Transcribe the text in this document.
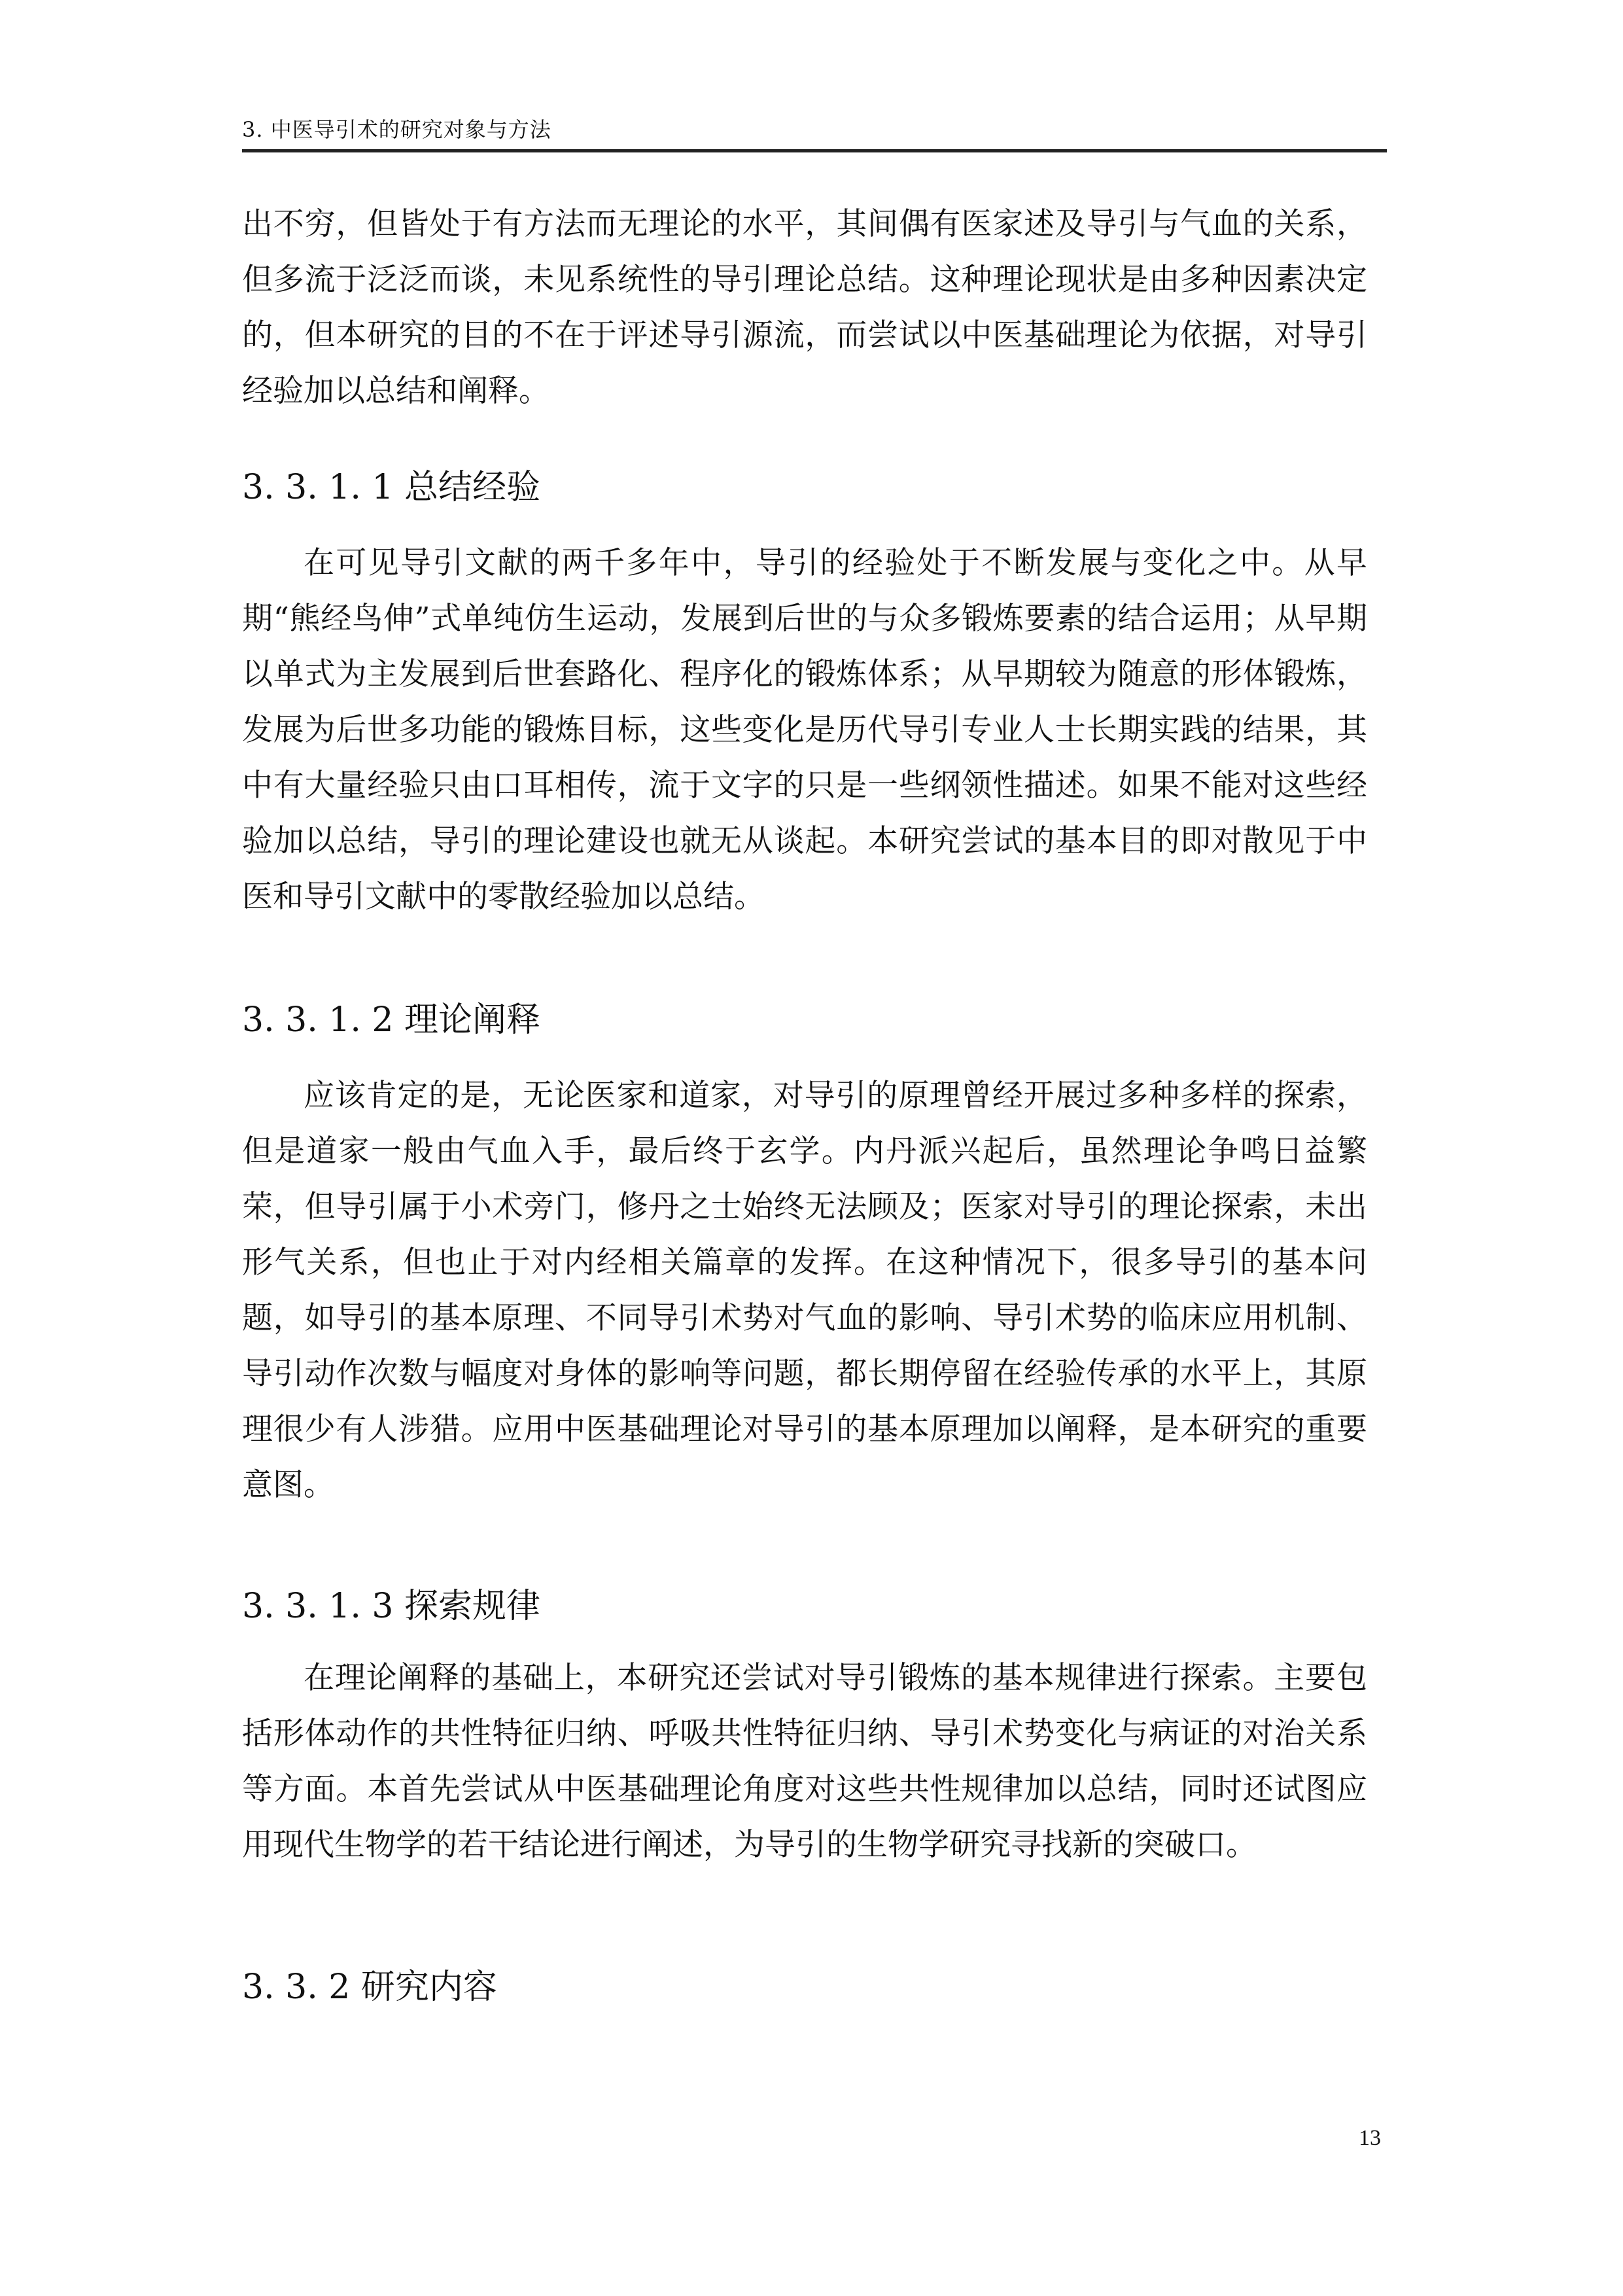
3. 中医导引术的研究对象与方法

出不穷，但皆处于有方法而无理论的水平，其间偶有医家述及导引与气血的关系，但多流于泛泛而谈，未见系统性的导引理论总结。这种理论现状是由多种因素决定的，但本研究的目的不在于评述导引源流，而尝试以中医基础理论为依据，对导引经验加以总结和阐释。

3. 3. 1. 1 总结经验

在可见导引文献的两千多年中，导引的经验处于不断发展与变化之中。从早期“熊经鸟伸”式单纯仿生运动，发展到后世的与众多锻炼要素的结合运用；从早期以单式为主发展到后世套路化、程序化的锻炼体系；从早期较为随意的形体锻炼，发展为后世多功能的锻炼目标，这些变化是历代导引专业人士长期实践的结果，其中有大量经验只由口耳相传，流于文字的只是一些纲领性描述。如果不能对这些经验加以总结，导引的理论建设也就无从谈起。本研究尝试的基本目的即对散见于中医和导引文献中的零散经验加以总结。

3. 3. 1. 2 理论阐释

应该肯定的是，无论医家和道家，对导引的原理曾经开展过多种多样的探索，但是道家一般由气血入手，最后终于玄学。内丹派兴起后，虽然理论争鸣日益繁荣，但导引属于小术旁门，修丹之士始终无法顾及；医家对导引的理论探索，未出形气关系，但也止于对内经相关篇章的发挥。在这种情况下，很多导引的基本问题，如导引的基本原理、不同导引术势对气血的影响、导引术势的临床应用机制、导引动作次数与幅度对身体的影响等问题，都长期停留在经验传承的水平上，其原理很少有人涉猎。应用中医基础理论对导引的基本原理加以阐释，是本研究的重要意图。

3. 3. 1. 3 探索规律

在理论阐释的基础上，本研究还尝试对导引锻炼的基本规律进行探索。主要包括形体动作的共性特征归纳、呼吸共性特征归纳、导引术势变化与病证的对治关系等方面。本首先尝试从中医基础理论角度对这些共性规律加以总结，同时还试图应用现代生物学的若干结论进行阐述，为导引的生物学研究寻找新的突破口。

3. 3. 2 研究内容
13
